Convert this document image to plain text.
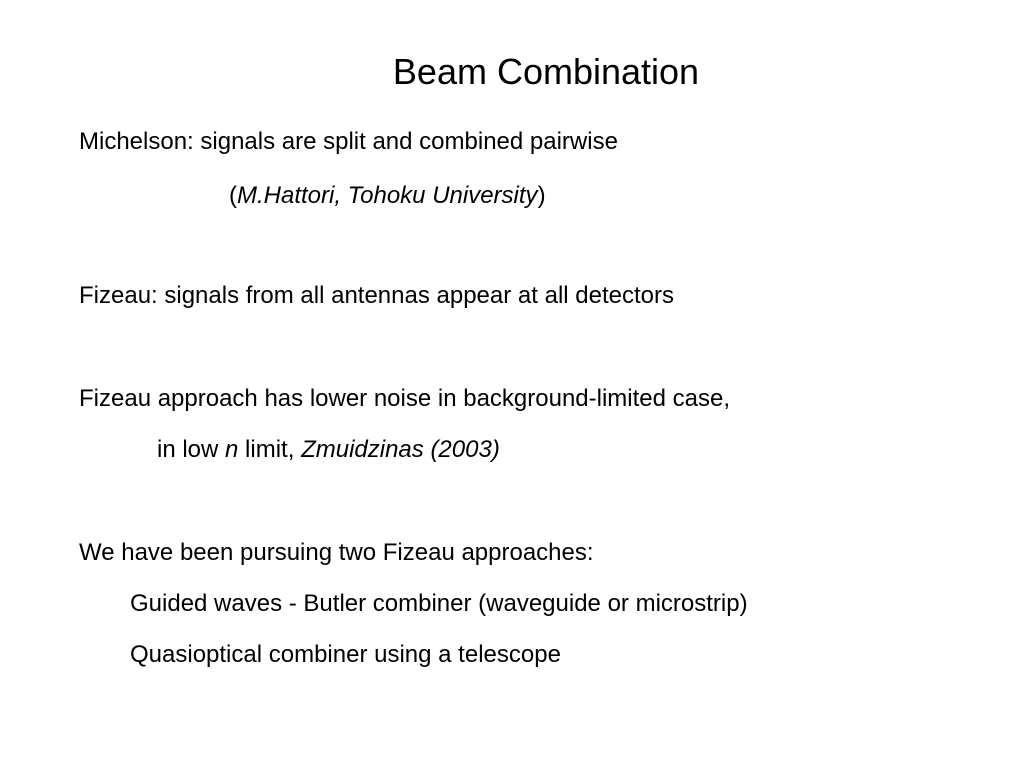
Beam Combination
Michelson: signals are split and combined pairwise
(M.Hattori, Tohoku University)
Fizeau: signals from all antennas appear at all detectors
Fizeau approach has lower noise in background-limited case,
in low n limit, Zmuidzinas (2003)
We have been pursuing two Fizeau approaches:
Guided waves - Butler combiner (waveguide or microstrip)
Quasioptical combiner using a telescope
